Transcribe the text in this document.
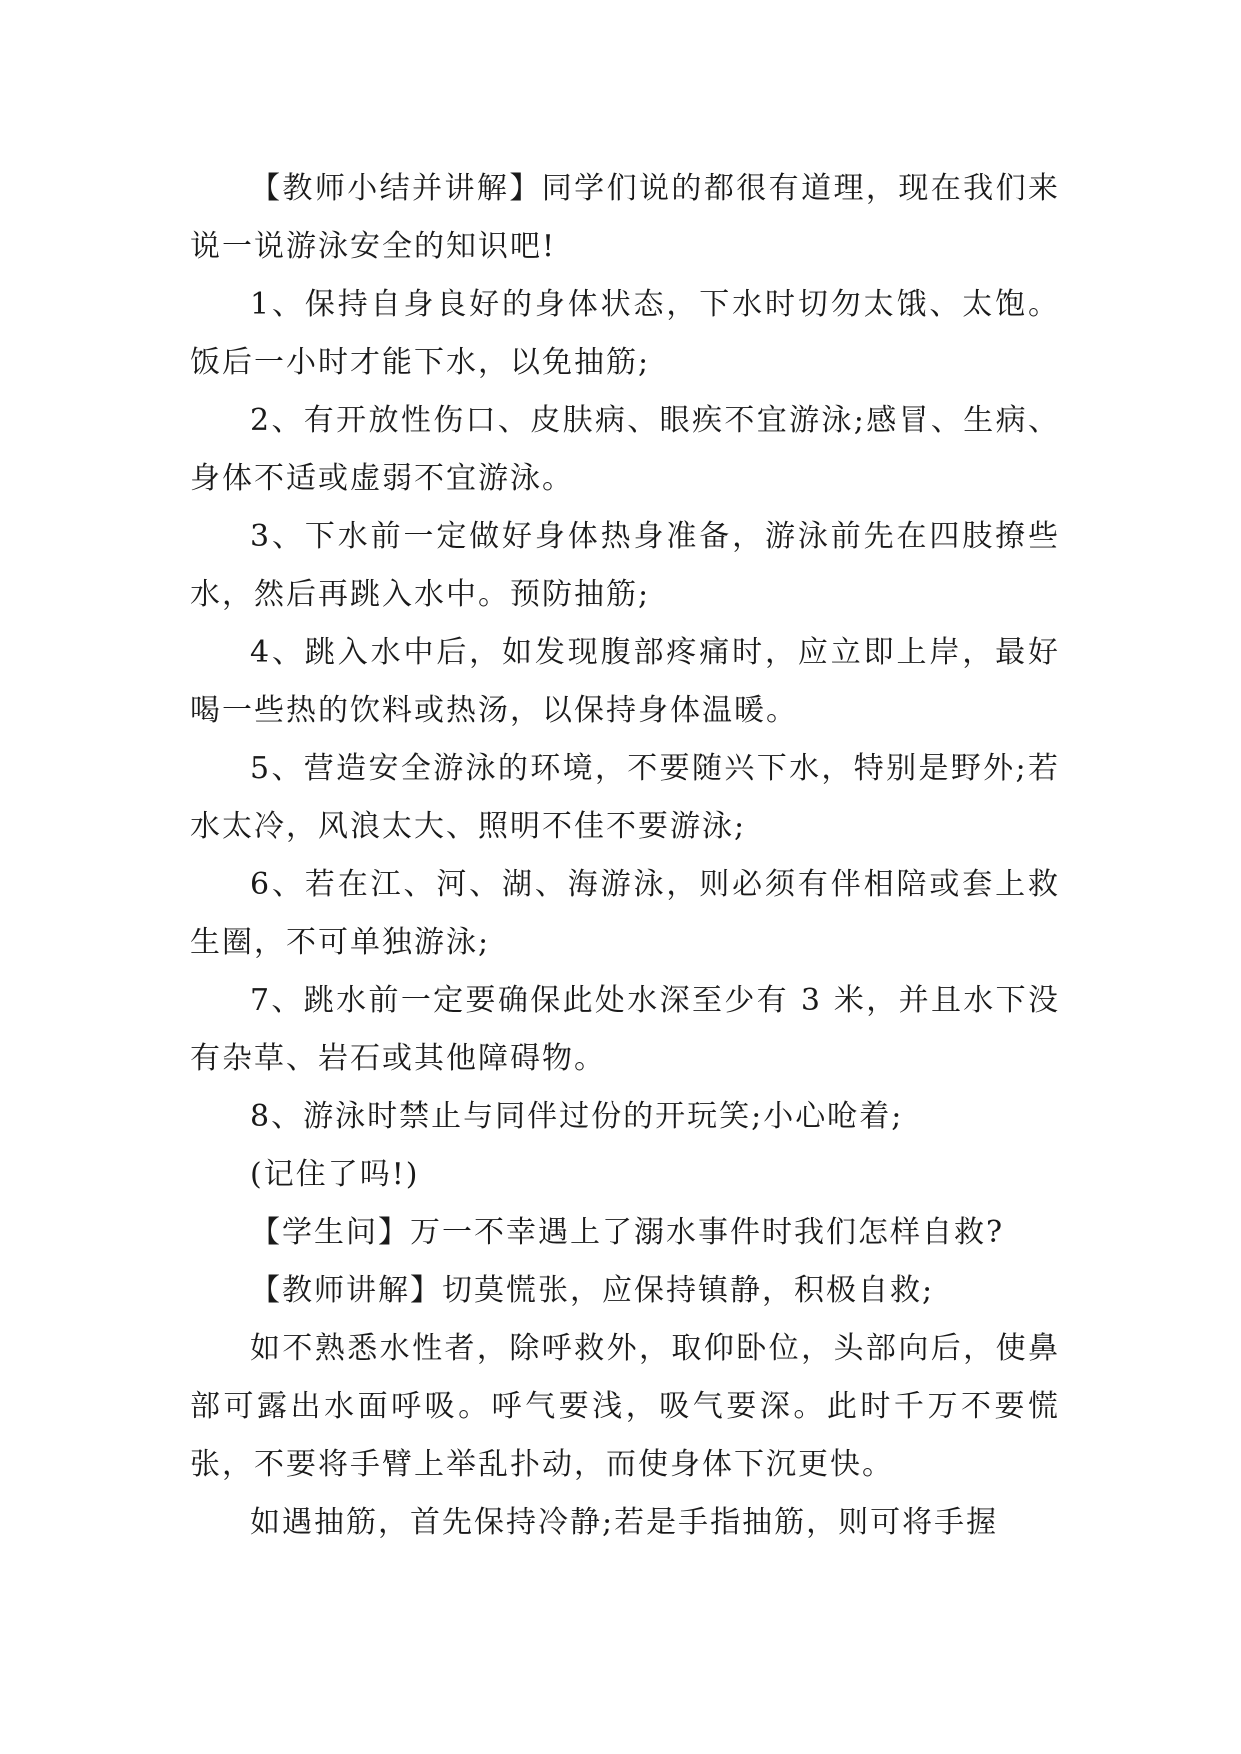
【教师小结并讲解】同学们说的都很有道理，现在我们来说一说游泳安全的知识吧!

1、保持自身良好的身体状态，下水时切勿太饿、太饱。饭后一小时才能下水，以免抽筋;

2、有开放性伤口、皮肤病、眼疾不宜游泳;感冒、生病、身体不适或虚弱不宜游泳。

3、下水前一定做好身体热身准备，游泳前先在四肢撩些水，然后再跳入水中。预防抽筋;

4、跳入水中后，如发现腹部疼痛时，应立即上岸，最好喝一些热的饮料或热汤，以保持身体温暖。

5、营造安全游泳的环境，不要随兴下水，特别是野外;若水太冷，风浪太大、照明不佳不要游泳;

6、若在江、河、湖、海游泳，则必须有伴相陪或套上救生圈，不可单独游泳;

7、跳水前一定要确保此处水深至少有 3 米，并且水下没有杂草、岩石或其他障碍物。

8、游泳时禁止与同伴过份的开玩笑;小心呛着;

(记住了吗!)

【学生问】万一不幸遇上了溺水事件时我们怎样自救?

【教师讲解】切莫慌张，应保持镇静，积极自救;

如不熟悉水性者，除呼救外，取仰卧位，头部向后，使鼻部可露出水面呼吸。呼气要浅，吸气要深。此时千万不要慌张，不要将手臂上举乱扑动，而使身体下沉更快。

如遇抽筋，首先保持冷静;若是手指抽筋，则可将手握
